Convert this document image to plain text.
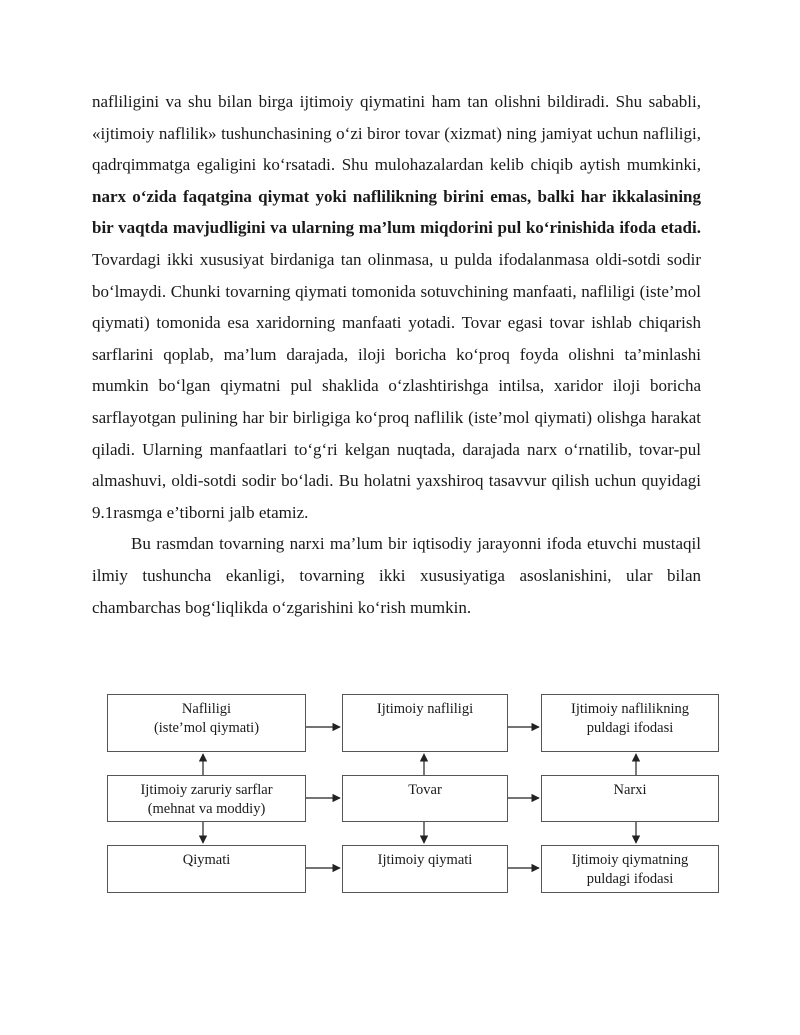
nafliligini va shu bilan birga ijtimoiy qiymatini ham tan olishni bildiradi. Shu sababli, «ijtimoiy naflilik» tushunchasining o‘zi biror tovar (xizmat) ning jamiyat uchun nafliligi, qadrqimmatga egaligini ko‘rsatadi. Shu mulohazalardan kelib chiqib aytish mumkinki, narx o‘zida faqatgina qiymat yoki naflilikning birini emas, balki har ikkalasining bir vaqtda mavjudligini va ularning ma’lum miqdorini pul ko‘rinishida ifoda etadi. Tovardagi ikki xususiyat birdaniga tan olinmasa, u pulda ifodalanmasa oldi-sotdi sodir bo‘lmaydi. Chunki tovarning qiymati tomonida sotuvchining manfaati, nafliligi (iste’mol qiymati) tomonida esa xaridorning manfaati yotadi. Tovar egasi tovar ishlab chiqarish sarflarini qoplab, ma’lum darajada, iloji boricha ko‘proq foyda olishni ta’minlashi mumkin bo‘lgan qiymatni pul shaklida o‘zlashtirishga intilsa, xaridor iloji boricha sarflayotgan pulining har bir birligiga ko‘proq naflilik (iste’mol qiymati) olishga harakat qiladi. Ularning manfaatlari to‘g‘ri kelgan nuqtada, darajada narx o‘rnatilib, tovar-pul almashuvi, oldi-sotdi sodir bo‘ladi. Bu holatni yaxshiroq tasavvur qilish uchun quyidagi 9.1rasmga e’tiborni jalb etamiz.

Bu rasmdan tovarning narxi ma’lum bir iqtisodiy jarayonni ifoda etuvchi mustaqil ilmiy tushuncha ekanligi, tovarning ikki xususiyatiga asoslanishini, ular bilan chambarchas bog‘liqlikda o‘zgarishini ko‘rish mumkin.

Nafliligi
(iste’mol qiymati)
Ijtimoiy nafliligi	Ijtimoiy naflilikning
puldagi ifodasi
Ijtimoiy zaruriy sarflar
(mehnat va moddiy)
Tovar	Narxi
Qiymati	Ijtimoiy qiymati	Ijtimoiy qiymatning
puldagi ifodasi
